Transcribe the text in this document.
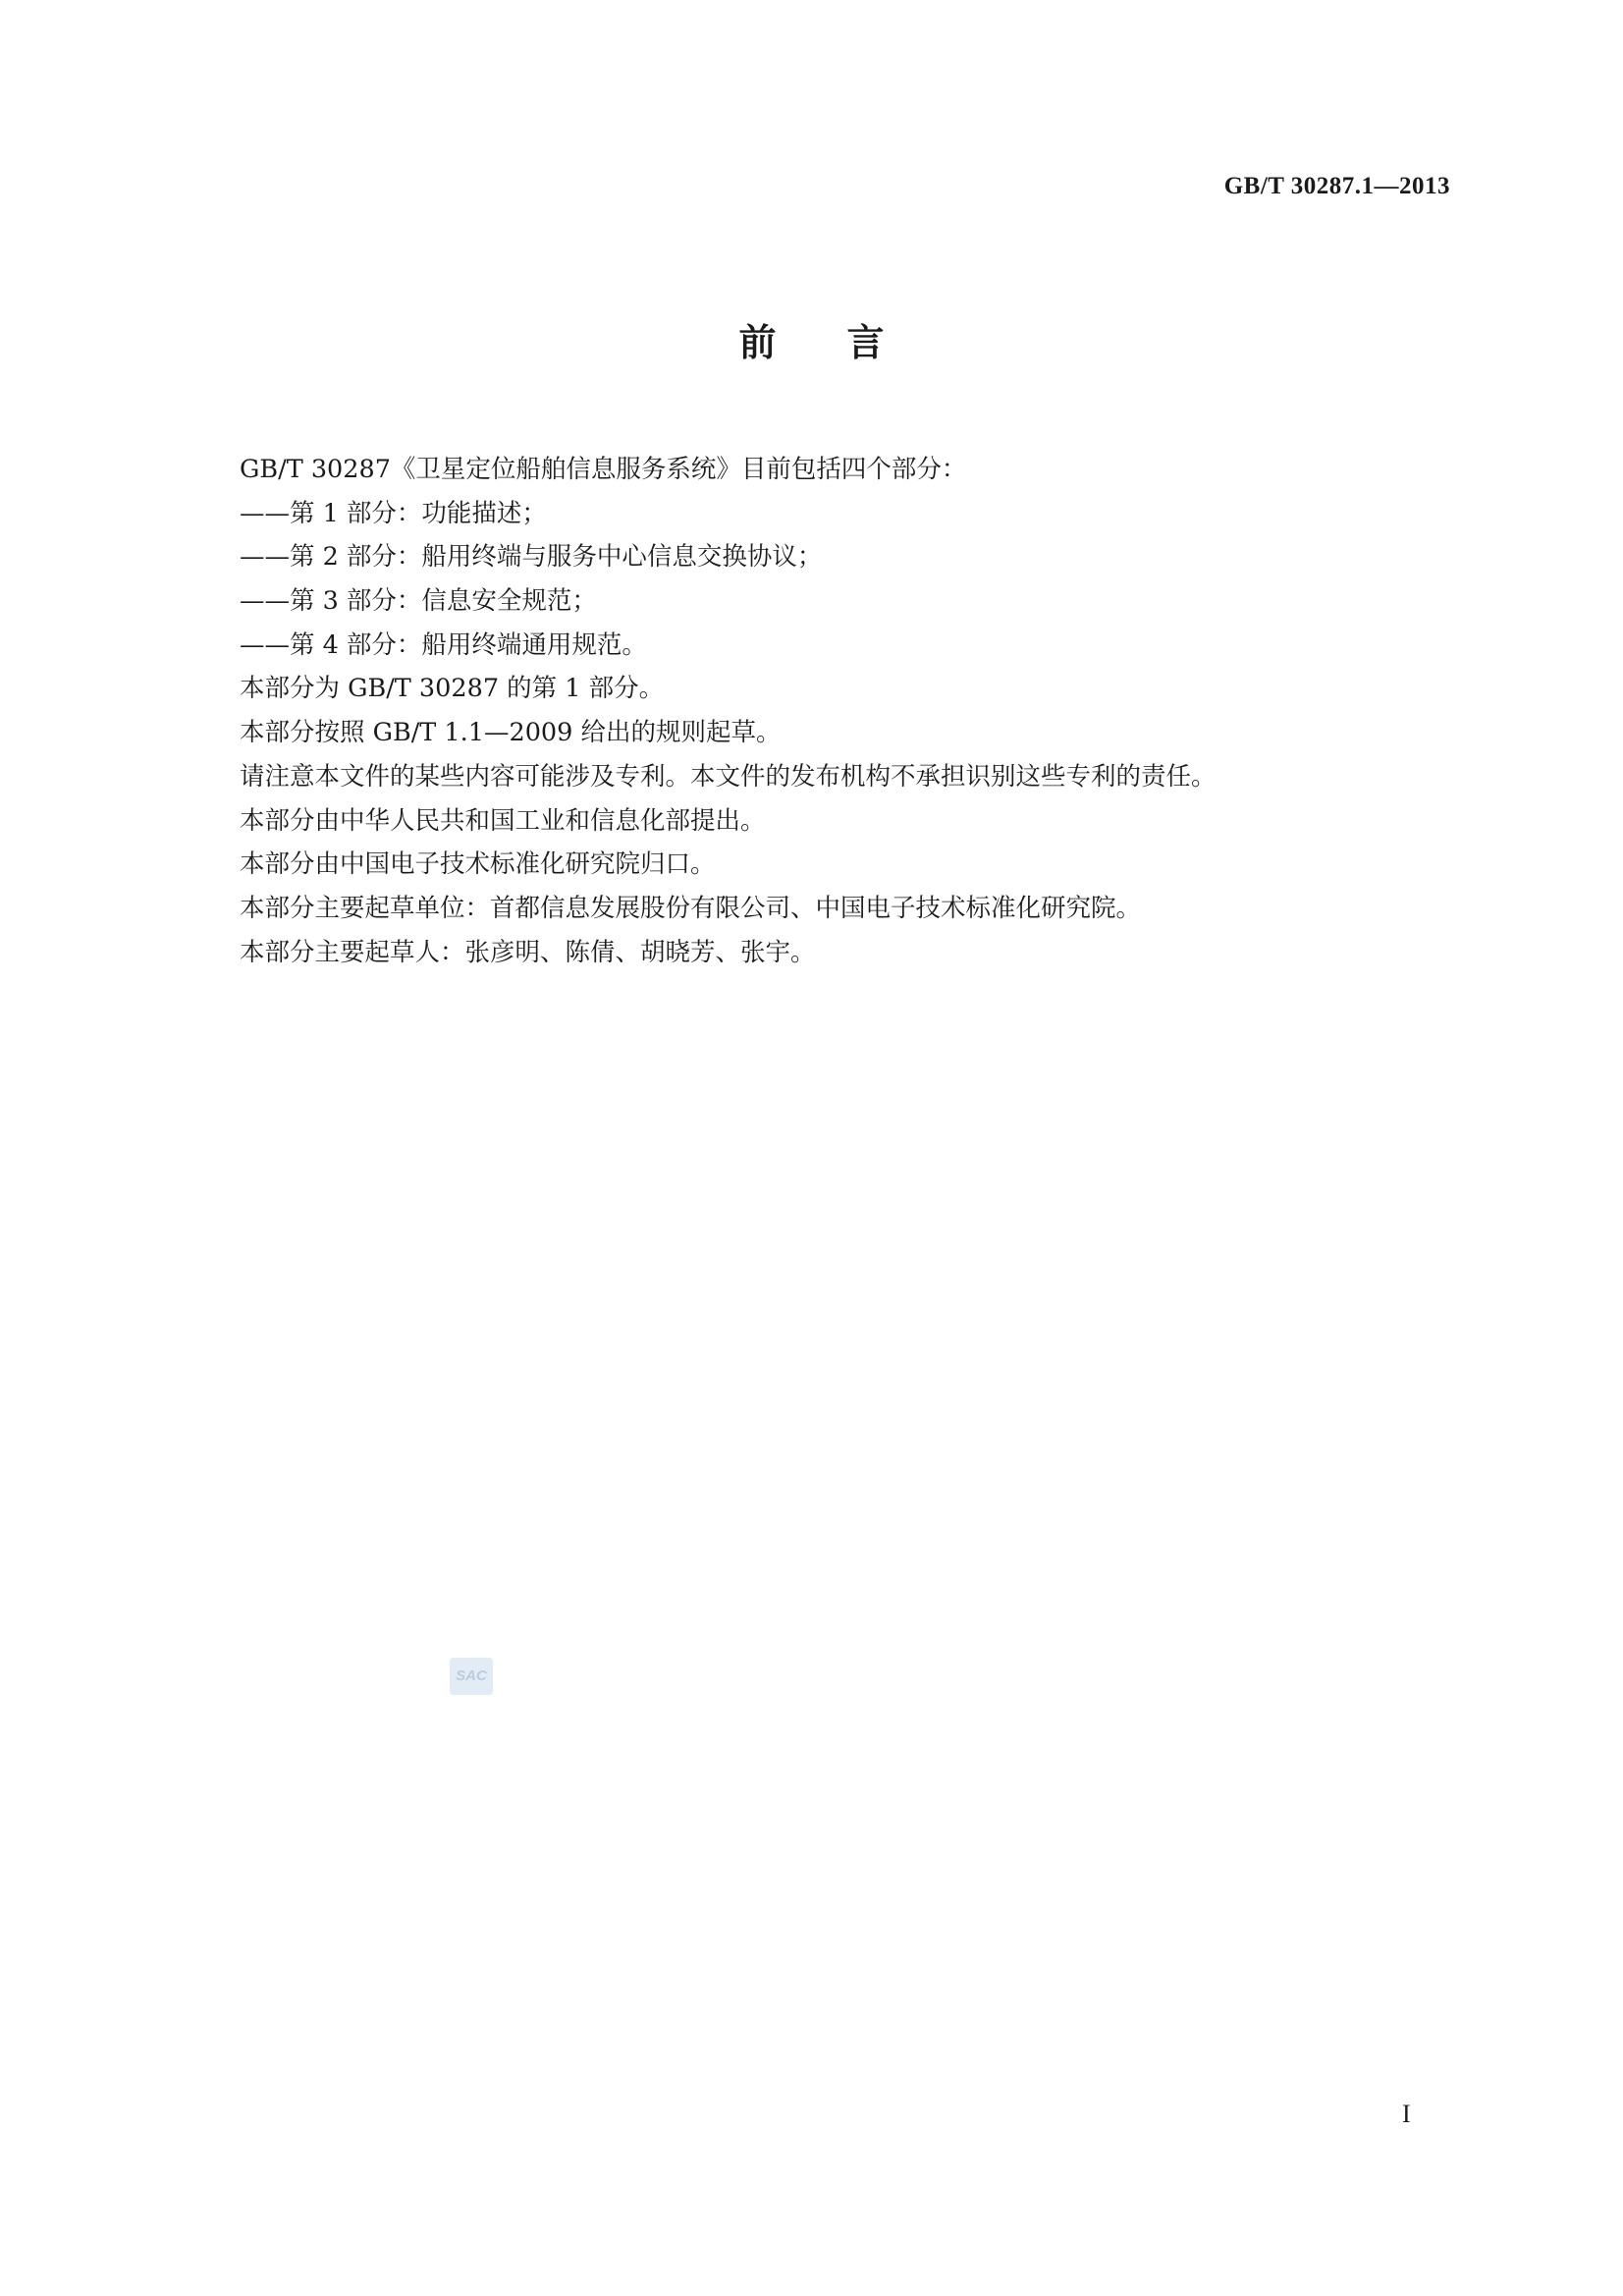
GB/T 30287.1—2013
前言
GB/T 30287《卫星定位船舶信息服务系统》目前包括四个部分：
——第 1 部分：功能描述；
——第 2 部分：船用终端与服务中心信息交换协议；
——第 3 部分：信息安全规范；
——第 4 部分：船用终端通用规范。
本部分为 GB/T 30287 的第 1 部分。
本部分按照 GB/T 1.1—2009 给出的规则起草。
请注意本文件的某些内容可能涉及专利。本文件的发布机构不承担识别这些专利的责任。
本部分由中华人民共和国工业和信息化部提出。
本部分由中国电子技术标准化研究院归口。
本部分主要起草单位：首都信息发展股份有限公司、中国电子技术标准化研究院。
本部分主要起草人：张彦明、陈倩、胡晓芳、张宇。
SAC
I
